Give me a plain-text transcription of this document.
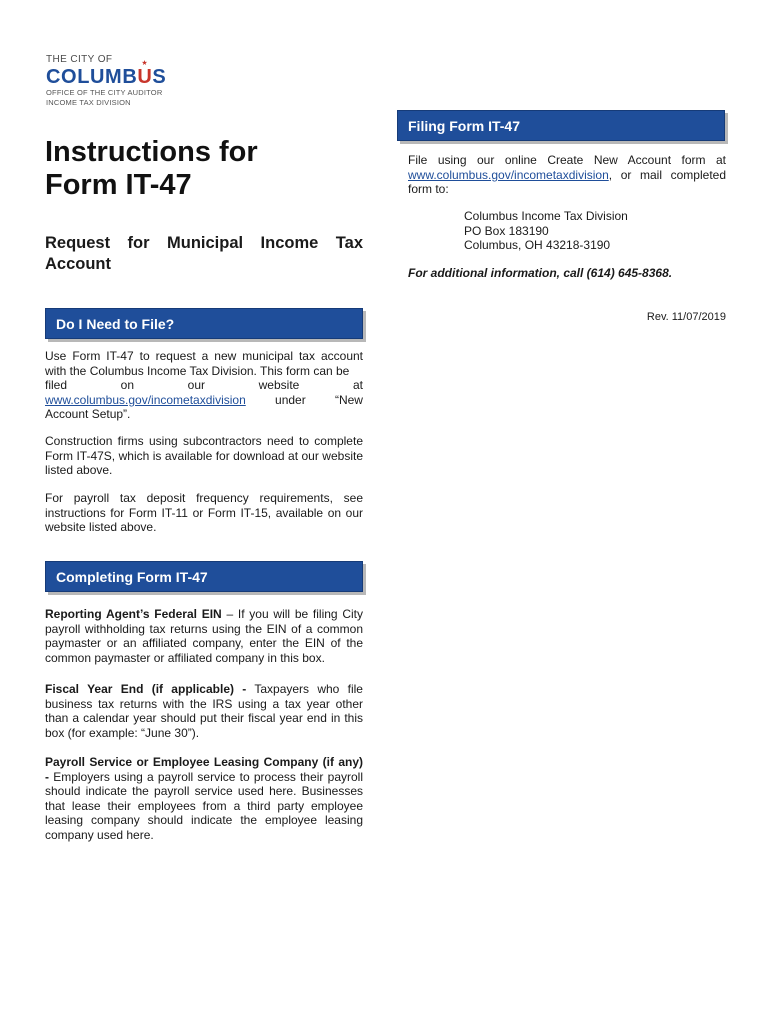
THE CITY OF
COLUMB
★
US
OFFICE OF THE CITY AUDITOR
INCOME TAX DIVISION
Instructions for
Form IT-47
Request for Municipal Income Tax Account
Filing Form IT-47

File using our online Create New Account form at

www.columbus.gov/incometaxdivision, or mail completed form to:

Columbus Income Tax Division
PO Box 183190
Columbus, OH 43218-3190
For additional information, call (614) 645-8368.
Rev. 11/07/2019
Do I Need to File?

Use Form IT-47 to request a new municipal tax account with the Columbus Income Tax Division. This form can be

filed	on	our	website	at
www.columbus.gov/incometaxdivision under “New

Account Setup”.

Construction firms using subcontractors need to complete Form IT-47S, which is available for download at our website listed above.

For payroll tax deposit frequency requirements, see instructions for Form IT-11 or Form IT-15, available on our website listed above.

Completing Form IT-47

Reporting Agent’s Federal EIN – If you will be filing City payroll withholding tax returns using the EIN of a common paymaster or an affiliated company, enter the EIN of the common paymaster or affiliated company in this box.

Fiscal Year End (if applicable) - Taxpayers who file business tax returns with the IRS using a tax year other than a calendar year should put their fiscal year end in this box (for example: “June 30”).

Payroll Service or Employee Leasing Company (if any) - Employers using a payroll service to process their payroll should indicate the payroll service used here. Businesses that lease their employees from a third party employee leasing company should indicate the employee leasing company used here.
